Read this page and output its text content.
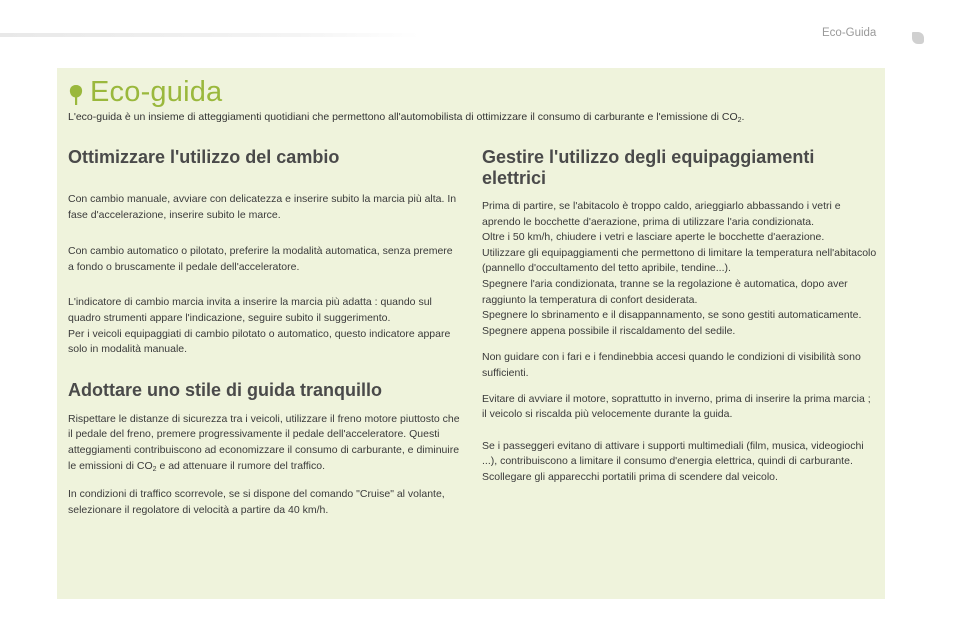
Eco-Guida
Eco-guida

L'eco-guida è un insieme di atteggiamenti quotidiani che permettono all'automobilista di ottimizzare il consumo di carburante e l'emissione di $CO_2$.

Ottimizzare l'utilizzo del cambio

Con cambio manuale, avviare con delicatezza e inserire subito la marcia più alta. In fase d'accelerazione, inserire subito le marce.

Con cambio automatico o pilotato, preferire la modalità automatica, senza premere a fondo o bruscamente il pedale dell'acceleratore.

L'indicatore di cambio marcia invita a inserire la marcia più adatta : quando sul quadro strumenti appare l'indicazione, seguire subito il suggerimento.

Per i veicoli equipaggiati di cambio pilotato o automatico, questo indicatore appare solo in modalità manuale.

Adottare uno stile di guida tranquillo

Rispettare le distanze di sicurezza tra i veicoli, utilizzare il freno motore piuttosto che il pedale del freno, premere progressivamente il pedale dell'acceleratore. Questi atteggiamenti contribuiscono ad economizzare il consumo di carburante, e diminuire le emissioni di $CO_2$ e ad attenuare il rumore del traffico.

In condizioni di traffico scorrevole, se si dispone del comando "Cruise" al volante, selezionare il regolatore di velocità a partire da 40 km/h.

Gestire l'utilizzo degli equipaggiamenti elettrici

Prima di partire, se l'abitacolo è troppo caldo, arieggiarlo abbassando i vetri e aprendo le bocchette d'aerazione, prima di utilizzare l'aria condizionata.

Oltre i 50 km/h, chiudere i vetri e lasciare aperte le bocchette d'aerazione.

Utilizzare gli equipaggiamenti che permettono di limitare la temperatura nell'abitacolo (pannello d'occultamento del tetto apribile, tendine...).

Spegnere l'aria condizionata, tranne se la regolazione è automatica, dopo aver raggiunto la temperatura di confort desiderata.

Spegnere lo sbrinamento e il disappannamento, se sono gestiti automaticamente.

Spegnere appena possibile il riscaldamento del sedile.

Non guidare con i fari e i fendinebbia accesi quando le condizioni di visibilità sono sufficienti.

Evitare di avviare il motore, soprattutto in inverno, prima di inserire la prima marcia ; il veicolo si riscalda più velocemente durante la guida.

Se i passeggeri evitano di attivare i supporti multimediali (film, musica, videogiochi ...), contribuiscono a limitare il consumo d'energia elettrica, quindi di carburante.

Scollegare gli apparecchi portatili prima di scendere dal veicolo.
